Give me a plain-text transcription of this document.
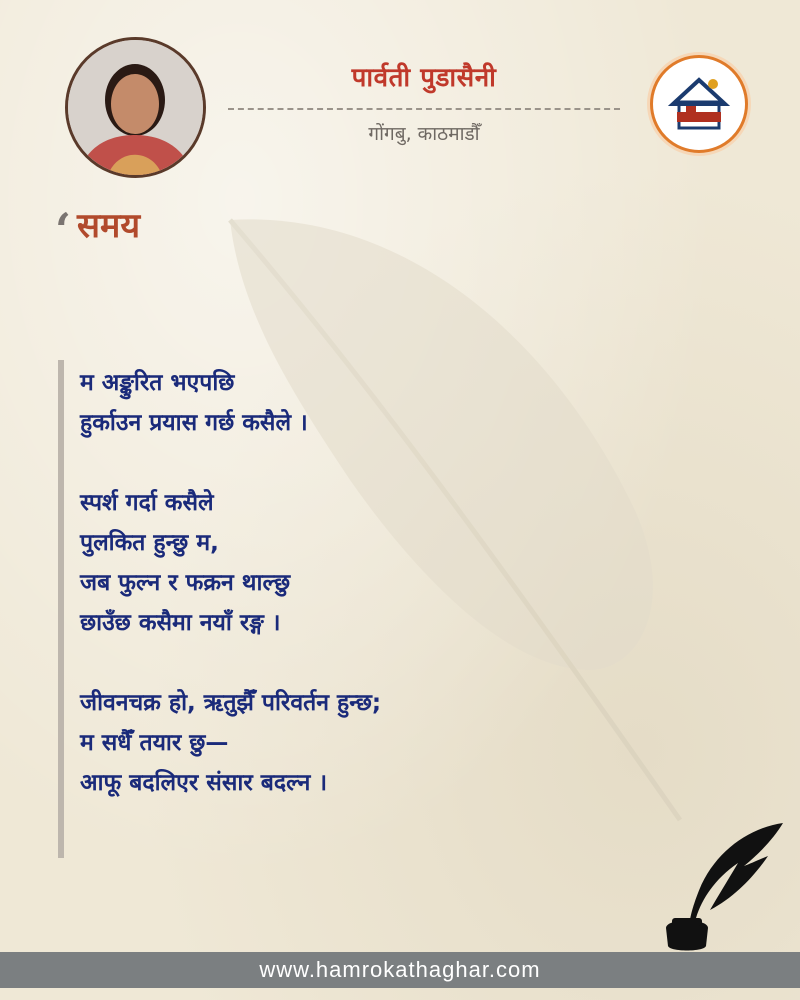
पार्वती पुडासैनी
गोंगबु, काठमाडौँ
‘ समय
म अङ्कुरित भएपछि
हुर्काउन प्रयास गर्छ कसैले ।
स्पर्श गर्दा कसैले
पुलकित हुन्छु म,
जब फुल्न र फक्रन थाल्छु
छाउँछ कसैमा नयाँ रङ्ग ।
जीवनचक्र हो, ऋतुझैँ परिवर्तन हुन्छ;
म सधैँ तयार छु—
आफू बदलिएर संसार बदल्न ।
www.hamrokathaghar.com
